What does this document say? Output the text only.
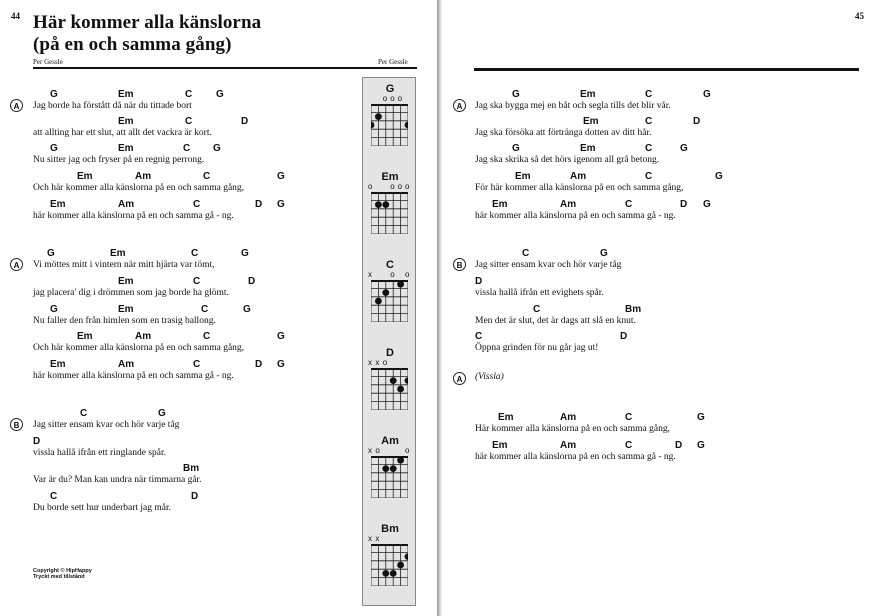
44 Här kommer alla känslorna
(på en och samma gång)
Per Gessle	Per Gessle
A
G	Em	C G
Jag borde ha förstått då när du tittade bort
Em	C	D
att allting har ett slut, att allt det vackra är kort.
G	Em	C G
Nu sitter jag och fryser på en regnig perrong.
Em	Am	C	G
Och här kommer alla känslorna på en och samma gång,
Em	Am	C	D G
här kommer alla känslorna på en och samma gå - ng.
A
G	Em	C	G
Vi möttes mitt i vintern när mitt hjärta var tömt,
Em	C	D
jag placera' dig i drömmen som jag borde ha glömt.
G	Em	C	G
Nu faller den från himlen som en trasig ballong.
Em	Am	C	G
Och här kommer alla känslorna på en och samma gång,
Em	Am	C	D G
här kommer alla känslorna på en och samma gå - ng.
B
C	G
Jag sitter ensam kvar och hör varje tåg
D
vissla hallå ifrån ett ringlande spår.
Bm
Var är du? Man kan undra när timmarna går.
C	D
Du borde sett hur underbart jag mår.
G
o o o
Em
o o o o
C
x o o
D
x x o
Am
x o	o
Bm
x x
Copyright © HipHappy
Tryckt med tillstånd
45
A
G	Em	C	G
Jag ska bygga mej en båt och segla tills det blir vår.
Em	C	D
Jag ska försöka att förtränga dotten av ditt hår.
G	Em	C	G
Jag ska skrika så det hörs igenom all grå betong.
Em	Am	C	G
För här kommer alla känslorna på en och samma gång,
Em	Am	C	D G
här kommer alla känslorna på en och samma gå - ng.
B
C	G
Jag sitter ensam kvar och hör varje tåg
D
vissla hallå ifrån ett evighets spår.
C	Bm
Men det är slut, det är dags att slå en knut.
C	D
Öppna grinden för nu går jag ut!
A	(Vissla)
Em	Am	C	G
Här kommer alla känslorna på en och samma gång,
Em	Am	C	D G
här kommer alla känslorna på en och samma gå - ng.
